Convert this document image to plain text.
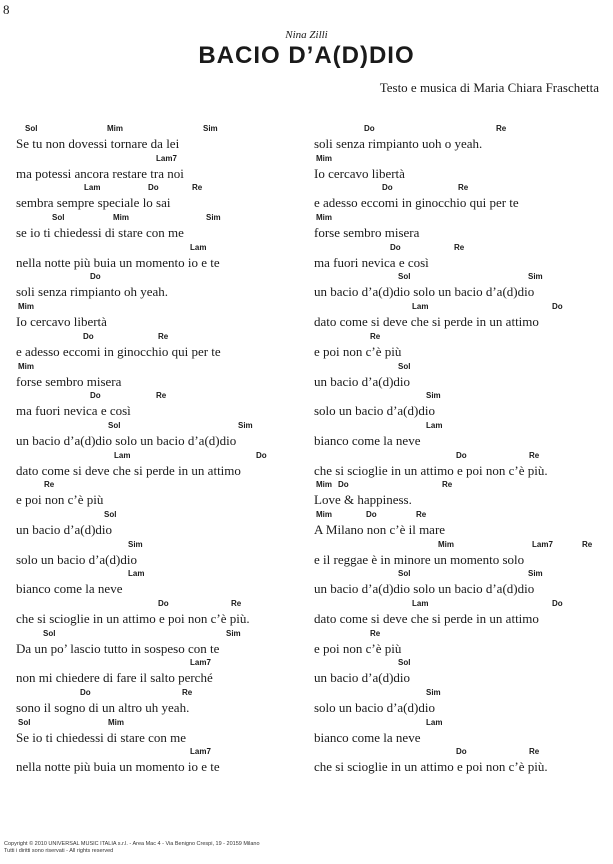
8
Nina Zilli
BACIO D’A(D)DIO
Testo e musica di Maria Chiara Fraschetta
Sol	Mim	Sim
Se tu non dovessi tornare da lei
Lam7
ma potessi ancora restare tra noi
Lam	Do	Re
sembra sempre speciale lo sai
Sol	Mim	Sim
se io ti chiedessi di stare con me
Lam
nella notte più buia un momento io e te
Do
soli senza rimpianto oh yeah.
Mim
Io cercavo libertà
Do	Re
e adesso eccomi in ginocchio qui per te
Mim
forse sembro misera
Do	Re
ma fuori nevica e così
Sol	Sim
un bacio d’a(d)dio solo un bacio d’a(d)dio
Lam	Do
dato come si deve che si perde in un attimo
Re
e poi non c’è più
Sol
un bacio d’a(d)dio
Sim
solo un bacio d’a(d)dio
Lam
bianco come la neve
Do	Re
che si scioglie in un attimo e poi non c’è più.
Sol	Sim
Da un po’ lascio tutto in sospeso con te
Lam7
non mi chiedere di fare il salto perché
Do	Re
sono il sogno di un altro uh yeah.
Sol	Mim
Se io ti chiedessi di stare con me
Lam7
nella notte più buia un momento io e te
Do	Re
soli senza rimpianto uoh o yeah.
Mim
Io cercavo libertà
Do	Re
e adesso eccomi in ginocchio qui per te
Mim
forse sembro misera
Do	Re
ma fuori nevica e così
Sol	Sim
un bacio d’a(d)dio solo un bacio d’a(d)dio
Lam	Do
dato come si deve che si perde in un attimo
Re
e poi non c’è più
Sol
un bacio d’a(d)dio
Sim
solo un bacio d’a(d)dio
Lam
bianco come la neve
Do	Re
che si scioglie in un attimo e poi non c’è più.
Mim Do	Re
Love & happiness.
Mim	Do	Re
A Milano non c’è il mare
Mim	Lam7	Re
e il reggae è in minore un momento solo
Sol	Sim
un bacio d’a(d)dio solo un bacio d’a(d)dio
Lam	Do
dato come si deve che si perde in un attimo
Re
e poi non c’è più
Sol
un bacio d’a(d)dio
Sim
solo un bacio d’a(d)dio
Lam
bianco come la neve
Do	Re
che si scioglie in un attimo e poi non c’è più.
Copyright © 2010 UNIVERSAL MUSIC ITALIA s.r.l. - Area Mac 4 - Via Benigno Crespi, 19 - 20159 Milano
Tutti i diritti sono riservati - All rights reserved
